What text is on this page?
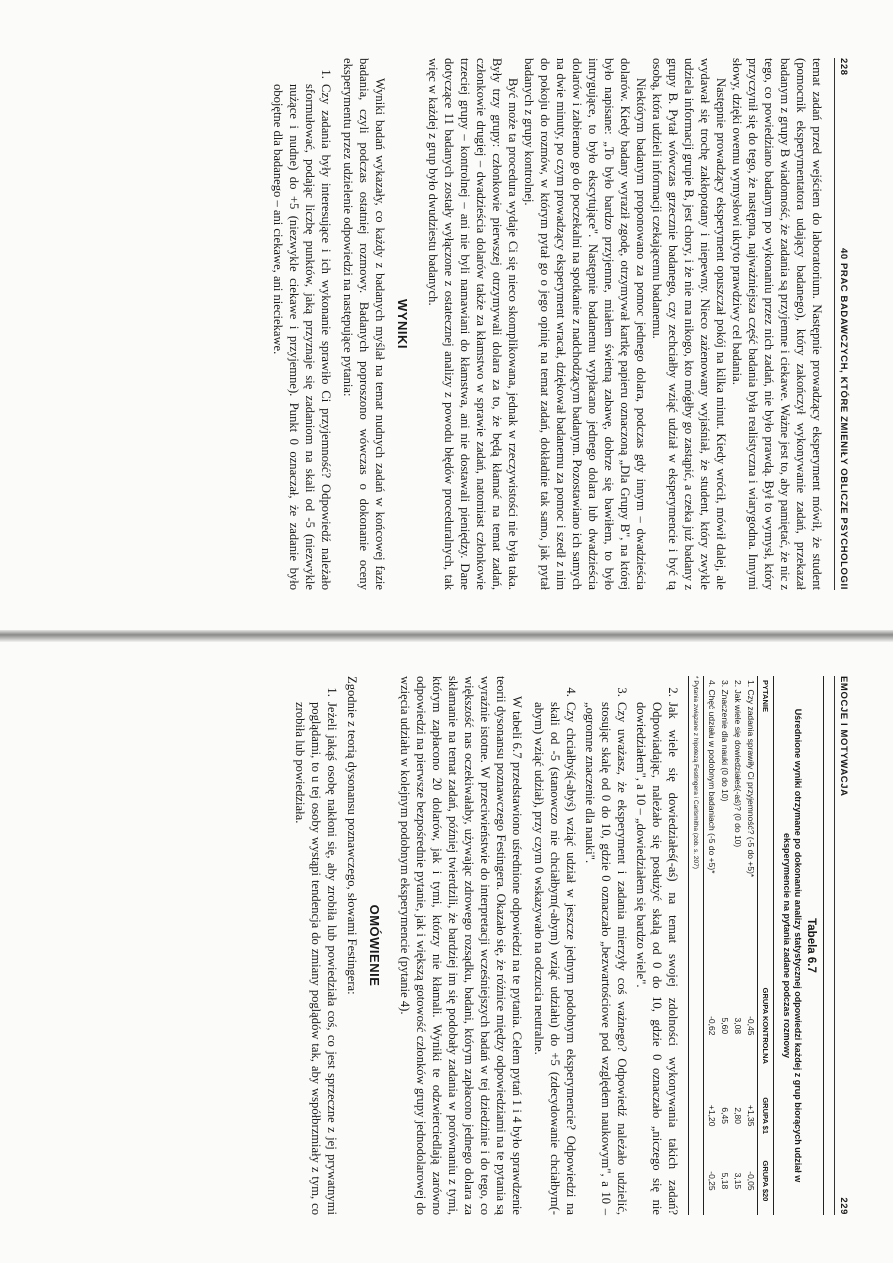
228
40 PRAC BADAWCZYCH, KTÓRE ZMIENIŁY OBLICZE PSYCHOLOGII

temat zadań przed wejściem do laboratorium. Następnie prowadzący eksperyment mówił, że student (pomocnik eksperymentatora udający badanego), który zakończył wykonywanie zadań, przekazał badanym z grupy B wiadomość, że zadania są przyjemne i ciekawe. Ważne jest to, aby pamiętać, że nic z tego, co powiedziano badanym po wykonaniu przez nich zadań, nie było prawdą. Był to wymysł, który przyczynił się do tego, że następna, najważniejsza część badania była realistyczna i wiarygodna. Innymi słowy, dzięki owemu wymysłowi ukryto prawdziwy cel badania.

Następnie prowadzący eksperyment opuszczał pokój na kilka minut. Kiedy wrócił, mówił dalej, ale wydawał się trochę zakłopotany i niepewny. Nieco zażenowany wyjaśniał, że student, który zwykle udziela informacji grupie B, jest chory, i że nie ma nikogo, kto mógłby go zastąpić, a czeka już badany z grupy B. Pytał wówczas grzecznie badanego, czy zechciałby wziąć udział w eksperymencie i być tą osobą, która udzieli informacji czekającemu badanemu.

Niektórym badanym proponowano za pomoc jednego dolara, podczas gdy innym – dwadzieścia dolarów. Kiedy badany wyraził zgodę, otrzymywał kartkę papieru oznaczoną „Dla Grupy B", na której było napisane: „To było bardzo przyjemne, miałem świetną zabawę, dobrze się bawiłem, to było intrygujące, to było ekscytujące". Następnie badanemu wypłacano jednego dolara lub dwadzieścia dolarów i zabierano go do poczekalni na spotkanie z nadchodzącym badanym. Pozostawiano ich samych na dwie minuty, po czym prowadzący eksperyment wracał, dziękował badanemu za pomoc i szedł z nim do pokoju do rozmów, w którym pytał go o jego opinię na temat zadań, dokładnie tak samo, jak pytał badanych z grupy kontrolnej.

Być może ta procedura wydaje Ci się nieco skomplikowana, jednak w rzeczywistości nie była taka. Były trzy grupy: członkowie pierwszej otrzymywali dolara za to, że będą kłamać na temat zadań, członkowie drugiej – dwadzieścia dolarów także za kłamstwo w sprawie zadań, natomiast członkowie trzeciej grupy – kontrolnej – ani nie byli namawiani do kłamstwa, ani nie dostawali pieniędzy. Dane dotyczące 11 badanych zostały wyłączone z ostatecznej analizy z powodu błędów proceduralnych, tak więc w każdej z grup było dwudziestu badanych.

WYNIKI

Wyniki badań wykazały, co każdy z badanych myślał na temat nudnych zadań w końcowej fazie badania, czyli podczas ostatniej rozmowy. Badanych poproszono wówczas o dokonanie oceny eksperymentu przez udzielenie odpowiedzi na następujące pytania:

1. Czy zadania były interesujące i ich wykonanie sprawiło Ci przyjemność? Odpowiedź należało sformułować, podając liczbę punktów, jaką przyznaje się zadaniom na skali od -5 (niezwykle nużące i nudne) do +5 (niezwykle ciekawe i przyjemne). Punkt 0 oznaczał, że zadanie było obojętne dla badanego – ani ciekawe, ani nieciekawe.
EMOCJE I MOTYWACJA
229
Tabela 6.7
Uśrednione wyniki otrzymane po dokonaniu analizy statystycznej odpowiedzi każdej z grup biorących udział w eksperymencie na pytania zadane podczas rozmowy
PYTANIE	GRUPA KONTROLNA	GRUPA $1	GRUPA $20
1. Czy zadania sprawiły Ci przyjemność? (-5 do +5)*	-0,45	+1,35	-0,05
2. Jak wiele się dowiedziałeś(-aś)? (0 do 10)	3,08	2,80	3,15
3. Znaczenie dla nauki (0 do 10)	5,60	6,45	5,18
4. Chęć udziału w podobnym badaniach (-5 do +5)*	-0,62	+1,20	-0,25
* Pytania związane z hipotezą Festingera i Carlsmitha (zob. s. 207)
2. Jak wiele się dowiedziałeś(-aś) na temat swojej zdolności wykonywania takich zadań? Odpowiadając, należało się posłużyć skalą od 0 do 10, gdzie 0 oznaczało „niczego się nie dowiedziałem", a 10 – „dowiedziałem się bardzo wiele".
3. Czy uważasz, że eksperyment i zadania mierzyły coś ważnego? Odpowiedź należało udzielić, stosując skalę od 0 do 10, gdzie 0 oznaczało „bezwartościowe pod względem naukowym", a 10 – „ogromne znaczenie dla nauki".
4. Czy chciałbyś(-abyś) wziąć udział w jeszcze jednym podobnym eksperymencie? Odpowiedzi na skali od -5 (stanowczo nie chciałbym(-abym) wziąć udziału) do +5 (zdecydowanie chciałbym(-abym) wziąć udział), przy czym 0 wskazywało na odczucia neutralne.

W tabeli 6.7 przedstawiono uśrednione odpowiedzi na te pytania. Celem pytań 1 i 4 było sprawdzenie teorii dysonansu poznawczego Festingera. Okazało się, że różnice między odpowiedziami na te pytania są wyraźnie istotne. W przeciwieństwie do interpretacji wcześniejszych badań w tej dziedzinie i do tego, co większość nas oczekiwałaby, używając zdrowego rozsądku, badani, którym zapłacono jednego dolara za skłamanie na temat zadań, później twierdzili, że bardziej im się podobały zadania w porównaniu z tymi, którym zapłacono 20 dolarów, jak i tymi, którzy nie kłamali. Wyniki te odzwierciedlają zarówno odpowiedzi na pierwsze bezpośrednie pytanie, jak i większą gotowość członków grupy jednodolarowej do wzięcia udziału w kolejnym podobnym eksperymencie (pytanie 4).

OMÓWIENIE

Zgodnie z teorią dysonansu poznawczego, słowami Festingera:

1. Jeżeli jakąś osobę nakłoni się, aby zrobiła lub powiedziała coś, co jest sprzeczne z jej prywatnymi poglądami, to u tej osoby wystąpi tendencja do zmiany poglądów tak, aby współbrzmiały z tym, co zrobiła lub powiedziała.
